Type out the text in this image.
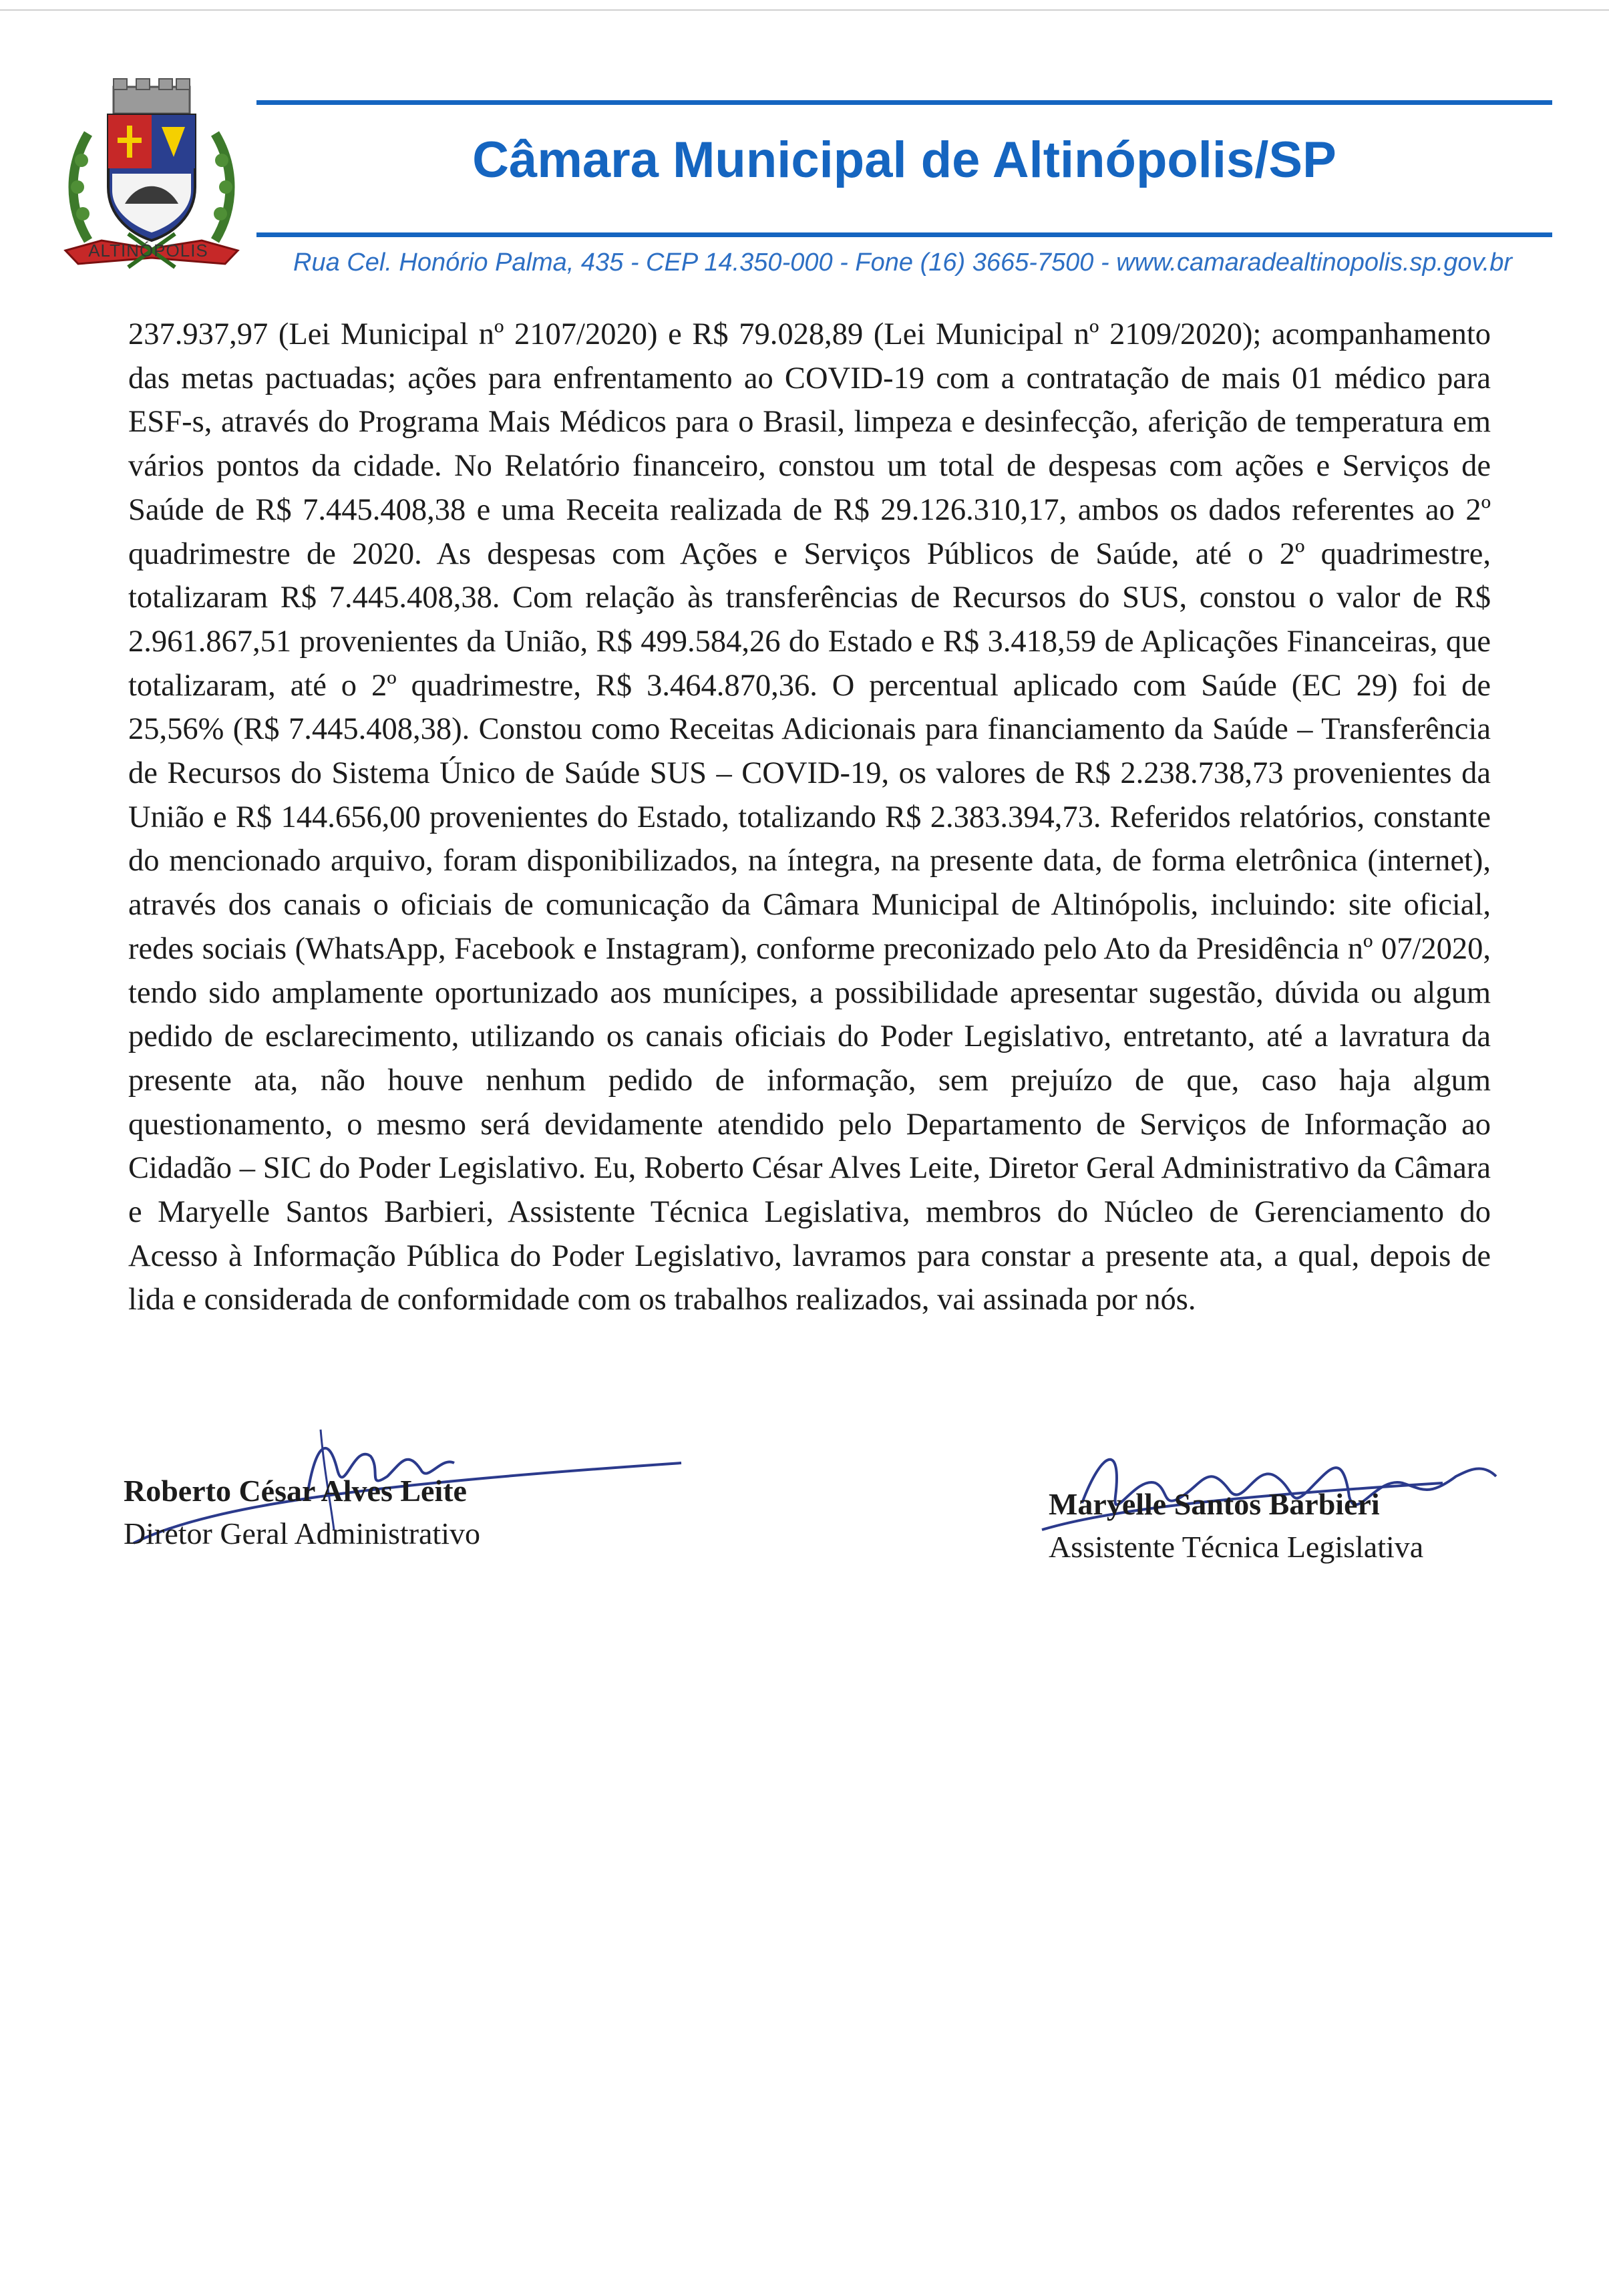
ALTINÓPOLIS
Câmara Municipal de Altinópolis/SP
Rua Cel. Honório Palma, 435 - CEP 14.350-000 - Fone (16) 3665-7500 - www.camaradealtinopolis.sp.gov.br

237.937,97 (Lei Municipal nº 2107/2020) e R$ 79.028,89 (Lei Municipal nº 2109/2020); acompanhamento das metas pactuadas; ações para enfrentamento ao COVID-19 com a contratação de mais 01 médico para ESF-s, através do Programa Mais Médicos para o Brasil, limpeza e desinfecção, aferição de temperatura em vários pontos da cidade. No Relatório financeiro, constou um total de despesas com ações e Serviços de Saúde de R$ 7.445.408,38 e uma Receita realizada de R$ 29.126.310,17, ambos os dados referentes ao 2º quadrimestre de 2020. As despesas com Ações e Serviços Públicos de Saúde, até o 2º quadrimestre, totalizaram R$ 7.445.408,38. Com relação às transferências de Recursos do SUS, constou o valor de R$ 2.961.867,51 provenientes da União, R$ 499.584,26 do Estado e R$ 3.418,59 de Aplicações Financeiras, que totalizaram, até o 2º quadrimestre, R$ 3.464.870,36. O percentual aplicado com Saúde (EC 29) foi de 25,56% (R$ 7.445.408,38). Constou como Receitas Adicionais para financiamento da Saúde – Transferência de Recursos do Sistema Único de Saúde SUS – COVID-19, os valores de R$ 2.238.738,73 provenientes da União e R$ 144.656,00 provenientes do Estado, totalizando R$ 2.383.394,73. Referidos relatórios, constante do mencionado arquivo, foram disponibilizados, na íntegra, na presente data, de forma eletrônica (internet), através dos canais o oficiais de comunicação da Câmara Municipal de Altinópolis, incluindo: site oficial, redes sociais (WhatsApp, Facebook e Instagram), conforme preconizado pelo Ato da Presidência nº 07/2020, tendo sido amplamente oportunizado aos munícipes, a possibilidade apresentar sugestão, dúvida ou algum pedido de esclarecimento, utilizando os canais oficiais do Poder Legislativo, entretanto, até a lavratura da presente ata, não houve nenhum pedido de informação, sem prejuízo de que, caso haja algum questionamento, o mesmo será devidamente atendido pelo Departamento de Serviços de Informação ao Cidadão – SIC do Poder Legislativo. Eu, Roberto César Alves Leite, Diretor Geral Administrativo da Câmara e Maryelle Santos Barbieri, Assistente Técnica Legislativa, membros do Núcleo de Gerenciamento do Acesso à Informação Pública do Poder Legislativo, lavramos para constar a presente ata, a qual, depois de lida e considerada de conformidade com os trabalhos realizados, vai assinada por nós.

Roberto César Alves Leite
Diretor Geral Administrativo
Maryelle Santos Barbieri
Assistente Técnica Legislativa
